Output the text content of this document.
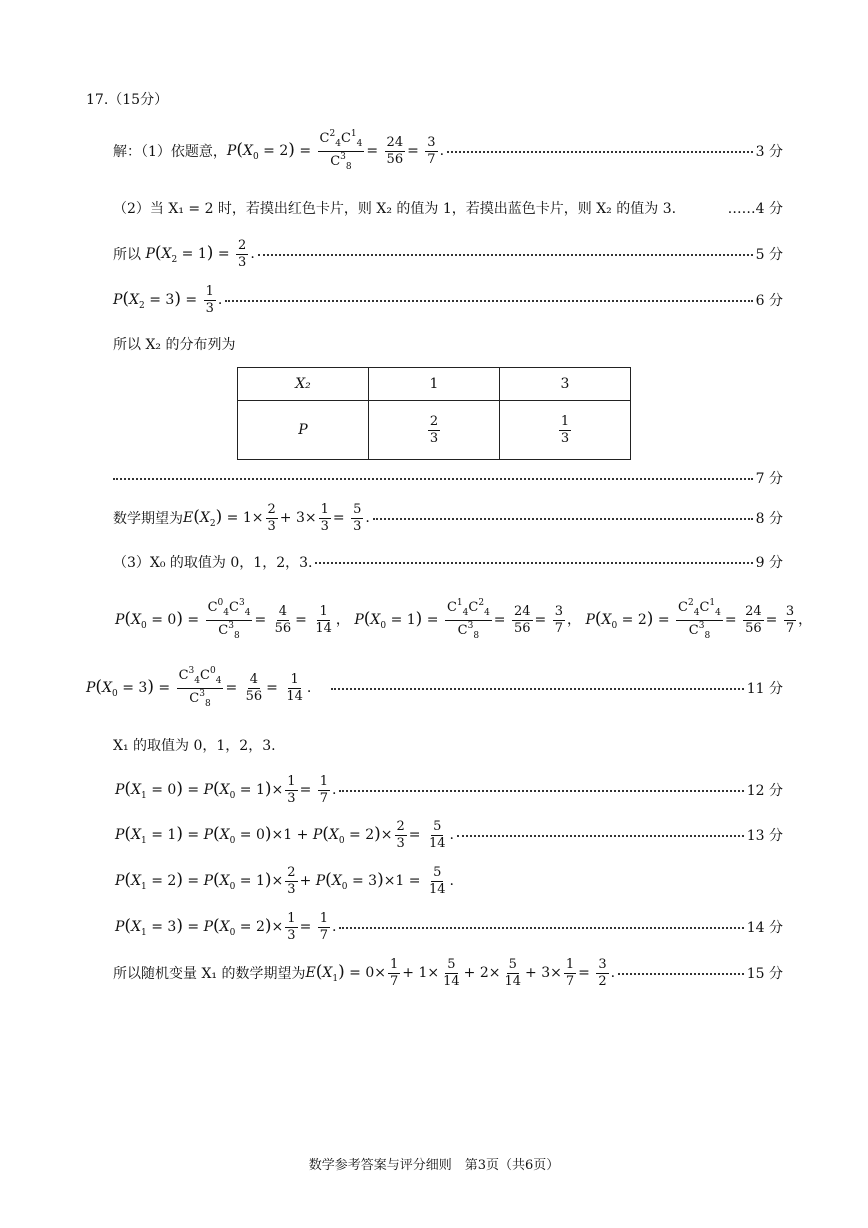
17.（15分）
解：（1）依题意， $P(X_0 = 2) = \frac{C^2_4C^1_4}{C^3_8} = \frac{24}{56} = \frac{3}{7}$ .	3 分
（2）当 X₁ = 2 时，若摸出红色卡片，则 X₂ 的值为 1，若摸出蓝色卡片，则 X₂ 的值为 3.	……4 分
所以 $P(X_2 = 1) = \frac{2}{3}$ .	5 分
$P(X_2 = 3) = \frac{1}{3}$ .	6 分
所以 X₂ 的分布列为
X₂	1	3
P	$\frac{2}{3}$	$\frac{1}{3}$
7 分
数学期望为 $E(X_2) = 1\times \frac{2}{3} + 3\times \frac{1}{3} = \frac{5}{3}$ .	8 分
（3）X₀ 的取值为 0，1，2，3.	9 分
$P(X_0 = 0) = \frac{C^0_4C^3_4}{C^3_8} = \frac{4}{56} = \frac{1}{14}$ ， $P(X_0 = 1) = \frac{C^1_4C^2_4}{C^3_8} = \frac{24}{56} = \frac{3}{7}$ ， $P(X_0 = 2) = \frac{C^2_4C^1_4}{C^3_8} = \frac{24}{56} = \frac{3}{7}$ ，
$P(X_0 = 3) = \frac{C^3_4C^0_4}{C^3_8} = \frac{4}{56} = \frac{1}{14}$ .	11 分
X₁ 的取值为 0，1，2，3.
$P(X_1 = 0) = P(X_0 = 1)\times \frac{1}{3} = \frac{1}{7}$ .	12 分
$P(X_1 = 1) = P(X_0 = 0)\times 1 + P(X_0 = 2)\times \frac{2}{3} = \frac{5}{14}$ .	13 分
$P(X_1 = 2) = P(X_0 = 1)\times \frac{2}{3} + P(X_0 = 3)\times 1 = \frac{5}{14}$ .
$P(X_1 = 3) = P(X_0 = 2)\times \frac{1}{3} = \frac{1}{7}$ .	14 分
所以随机变量 X₁ 的数学期望为 $E(X_1) = 0\times \frac{1}{7} + 1\times \frac{5}{14} + 2\times \frac{5}{14} + 3\times \frac{1}{7} = \frac{3}{2}$ .	15 分
数学参考答案与评分细则　第3页（共6页）
